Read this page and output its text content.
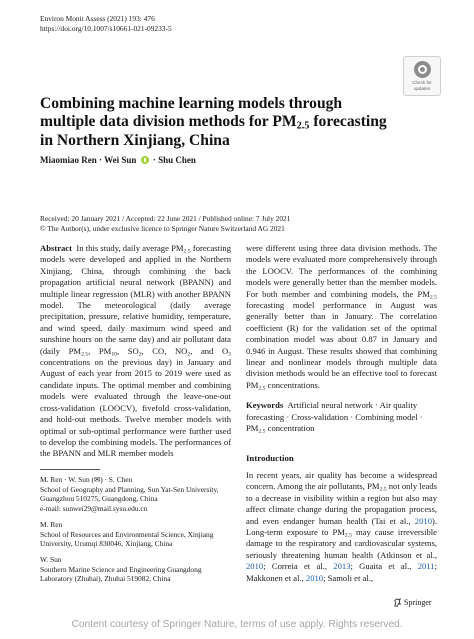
Environ Monit Assess (2021) 193: 476
https://doi.org/10.1007/s10661-021-09233-5
Check for
updates
Combining machine learning models through multiple data division methods for $PM_{2.5}$ forecasting in Northern Xinjiang, China
Miaomiao Ren · Wei Sun · Shu Chen
Received: 20 January 2021 / Accepted: 22 June 2021 / Published online: 7 July 2021
© The Author(s), under exclusive licence to Springer Nature Switzerland AG 2021
Abstract In this study, daily average $PM_{2.5}$ forecasting models were developed and applied in the Northern Xinjiang, China, through combining the back propagation artificial neural network (BPANN) and multiple linear regression (MLR) with another BPANN model. The meteorological (daily average precipitation, pressure, relative humidity, temperature, and wind speed, daily maximum wind speed and sunshine hours on the same day) and air pollutant data (daily $PM_{2.5}$, $PM_{10}$, $SO_2$, CO, $NO_2$, and $O_3$ concentrations on the previous day) in January and August of each year from 2015 to 2019 were used as candidate inputs. The optimal member and combining models were evaluated through the leave-one-out cross-validation (LOOCV), fivefold cross-validation, and hold-out methods. Twelve member models with optimal or sub-optimal performance were further used to develop the combining models. The performances of the BPANN and MLR member models
were different using three data division methods. The models were evaluated more comprehensively through the LOOCV. The performances of the combining models were generally better than the member models. For both member and combining models, the $PM_{2.5}$ forecasting model performance in August was generally better than in January. The correlation coefficient (R) for the validation set of the optimal combination model was about 0.87 in January and 0.946 in August. These results showed that combining linear and nonlinear models through multiple data division methods would be an effective tool to forecast $PM_{2.5}$ concentrations.
Keywords Artificial neural network · Air quality forecasting · Cross-validation · Combining model · $PM_{2.5}$ concentration
M. Ren · W. Sun (✉) · S. Chen
School of Geography and Planning, Sun Yat-Sen University, Guangzhou 510275, Guangdong, China
e-mail: sunwei29@mail.sysu.edu.cn
M. Ren
School of Resources and Environmental Science, Xinjiang University, Urumqi 830046, Xinjiang, China
W. Sun
Southern Marine Science and Engineering Guangdong Laboratory (Zhuhai), Zhuhai 519082, China
Introduction
In recent years, air quality has become a widespread concern. Among the air pollutants, $PM_{2.5}$ not only leads to a decrease in visibility within a region but also may affect climate change during the propagation process, and even endanger human health (Tai et al., 2010). Long-term exposure to $PM_{2.5}$ may cause irreversible damage to the respiratory and cardiovascular systems, seriously threatening human health (Atkinson et al., 2010; Correia et al., 2013; Guaita et al., 2011; Makkonen et al., 2010; Samoli et al.,
Springer
Content courtesy of Springer Nature, terms of use apply. Rights reserved.
